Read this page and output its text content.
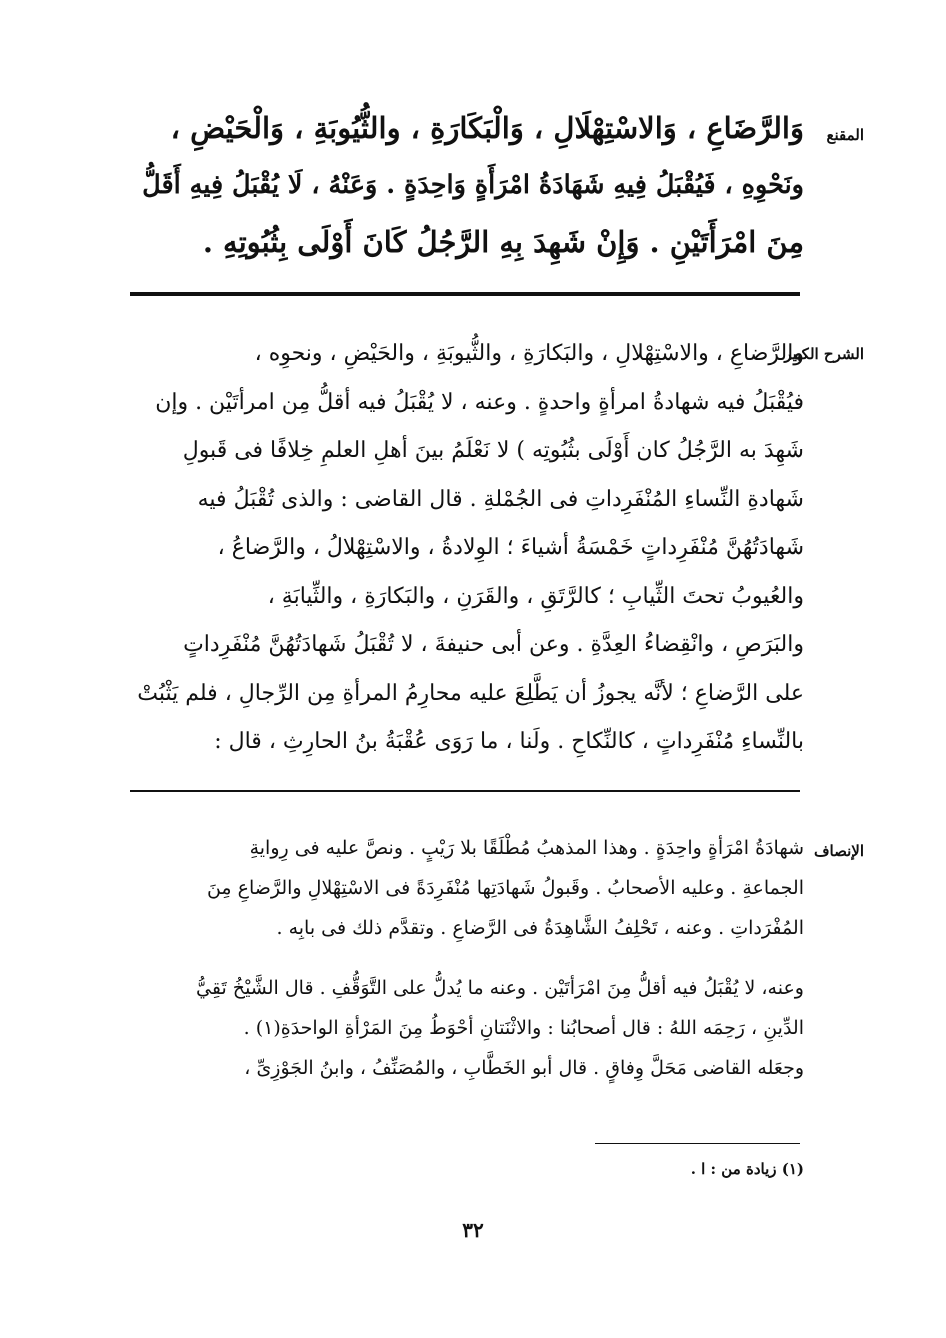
المقنع
وَالرَّضَاعِ ، وَالاسْتِهْلَالِ ، وَالْبَكَارَةِ ، والثُّيُوبَةِ ، وَالْحَيْضِ ،
ونَحْوِهِ ، فَيُقْبَلُ فِيهِ شَهَادَةُ امْرَأَةٍ وَاحِدَةٍ . وَعَنْهُ ، لَا يُقْبَلُ فِيهِ أَقَلُّ
مِنَ امْرَأَتَيْنِ . وَإِنْ شَهِدَ بِهِ الرَّجُلُ كَانَ أَوْلَى بِثُبُوتِهِ .
الشرح الكبير
والرَّضاعِ ، والاسْتِهْلالِ ، والبَكارَةِ ، والثُّيوبَةِ ، والحَيْضِ ، ونحوِه ،
فيُقْبَلُ فيه شهادةُ امرأةٍ واحدةٍ . وعنه ، لا يُقْبَلُ فيه أقلُّ مِن امرأتَيْن . وإن
شَهِدَ به الرَّجُلُ كان أَوْلَى بثُبُوتِه ) لا نَعْلَمُ بينَ أهلِ العلمِ خِلافًا فى قَبولِ
شَهادةِ النِّساءِ المُنْفَرِداتِ فى الجُمْلةِ . قال القاضى : والذى تُقْبَلُ فيه
شَهادَتُهُنَّ مُنْفَرِداتٍ خَمْسَةُ أشياءَ ؛ الوِلادةُ ، والاسْتِهْلالُ ، والرَّضاعُ ،
والعُيوبُ تحتَ الثِّيابِ ؛ كالرَّتَقِ ، والقَرَنِ ، والبَكارَةِ ، والثِّيابَةِ ،
والبَرَصِ ، وانْقِضاءُ العِدَّةِ . وعن أبى حنيفةَ ، لا تُقْبَلُ شَهادَتُهُنَّ مُنْفَرِداتٍ
على الرَّضاعِ ؛ لأنَّه يجوزُ أن يَطَّلِعَ عليه محارِمُ المرأةِ مِن الرِّجالِ ، فلم يَثْبُتْ
بالنِّساءِ مُنْفَرِداتٍ ، كالنِّكاحِ . ولَنا ، ما رَوَى عُقْبَةُ بنُ الحارِثِ ، قال :
الإنصاف
شهادَةُ امْرَأةٍ واحِدَةٍ . وهذا المذهبُ مُطْلَقًا بلا رَيْبٍ . ونصَّ عليه فى رِوايةِ
الجماعةِ . وعليه الأصحابُ . وقَبولُ شَهادَتِها مُنْفَرِدَةً فى الاسْتِهْلالِ والرَّضاعِ مِنَ
المُفْرَداتِ . وعنه ، تَحْلِفُ الشَّاهِدَةُ فى الرَّضاعِ . وتقدَّم ذلك فى بابِه .
وعنه، لا يُقْبَلُ فيه أقلُّ مِنَ امْرَأتَيْن . وعنه ما يُدلُّ على التَّوَقُّفِ . قال الشَّيْخُ تَقِيُّ
الدِّينِ ، رَحِمَه اللهُ : قال أصحابُنا : والاثْنَتانِ أحْوَطُ مِنَ المَرْأةِ الواحدَةِ(١) .
وجعَله القاضى مَحَلَّ وِفاقٍ . قال أبو الخَطَّابِ ، والمُصَنِّفُ ، وابنُ الجَوْزِىِّ ،
(١) زيادة من : ا .
٣٢
